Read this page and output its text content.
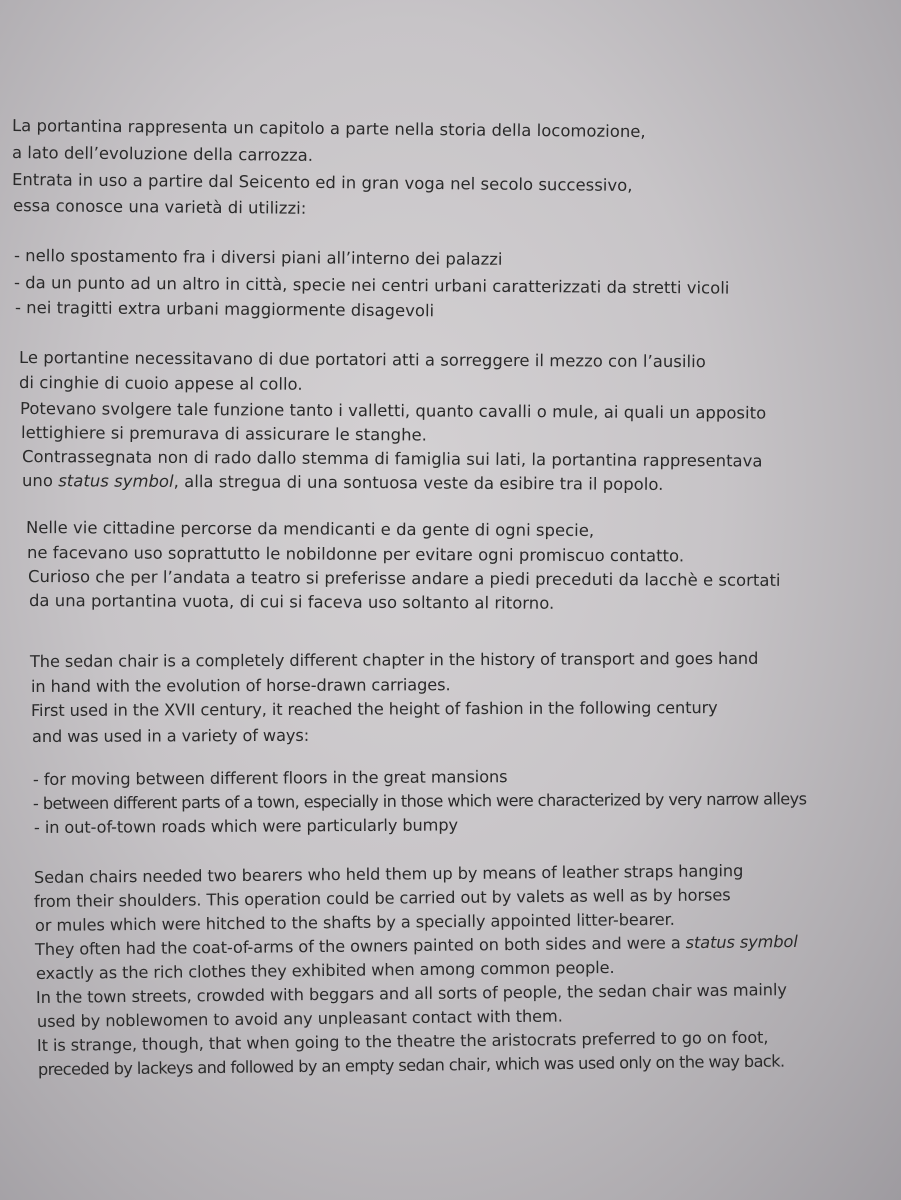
La portantina rappresenta un capitolo a parte nella storia della locomozione,
a lato dell’evoluzione della carrozza.
Entrata in uso a partire dal Seicento ed in gran voga nel secolo successivo,
essa conosce una varietà di utilizzi:
- nello spostamento fra i diversi piani all’interno dei palazzi
- da un punto ad un altro in città, specie nei centri urbani caratterizzati da stretti vicoli
- nei tragitti extra urbani maggiormente disagevoli
Le portantine necessitavano di due portatori atti a sorreggere il mezzo con l’ausilio
di cinghie di cuoio appese al collo.
Potevano svolgere tale funzione tanto i valletti, quanto cavalli o mule, ai quali un apposito
lettighiere si premurava di assicurare le stanghe.
Contrassegnata non di rado dallo stemma di famiglia sui lati, la portantina rappresentava
uno status symbol, alla stregua di una sontuosa veste da esibire tra il popolo.
Nelle vie cittadine percorse da mendicanti e da gente di ogni specie,
ne facevano uso soprattutto le nobildonne per evitare ogni promiscuo contatto.
Curioso che per l’andata a teatro si preferisse andare a piedi preceduti da lacchè e scortati
da una portantina vuota, di cui si faceva uso soltanto al ritorno.
The sedan chair is a completely different chapter in the history of transport and goes hand
in hand with the evolution of horse-drawn carriages.
First used in the XVII century, it reached the height of fashion in the following century
and was used in a variety of ways:
- for moving between different floors in the great mansions
- between different parts of a town, especially in those which were characterized by very narrow alleys
- in out-of-town roads which were particularly bumpy
Sedan chairs needed two bearers who held them up by means of leather straps hanging
from their shoulders. This operation could be carried out by valets as well as by horses
or mules which were hitched to the shafts by a specially appointed litter-bearer.
They often had the coat-of-arms of the owners painted on both sides and were a status symbol
exactly as the rich clothes they exhibited when among common people.
In the town streets, crowded with beggars and all sorts of people, the sedan chair was mainly
used by noblewomen to avoid any unpleasant contact with them.
It is strange, though, that when going to the theatre the aristocrats preferred to go on foot,
preceded by lackeys and followed by an empty sedan chair, which was used only on the way back.
